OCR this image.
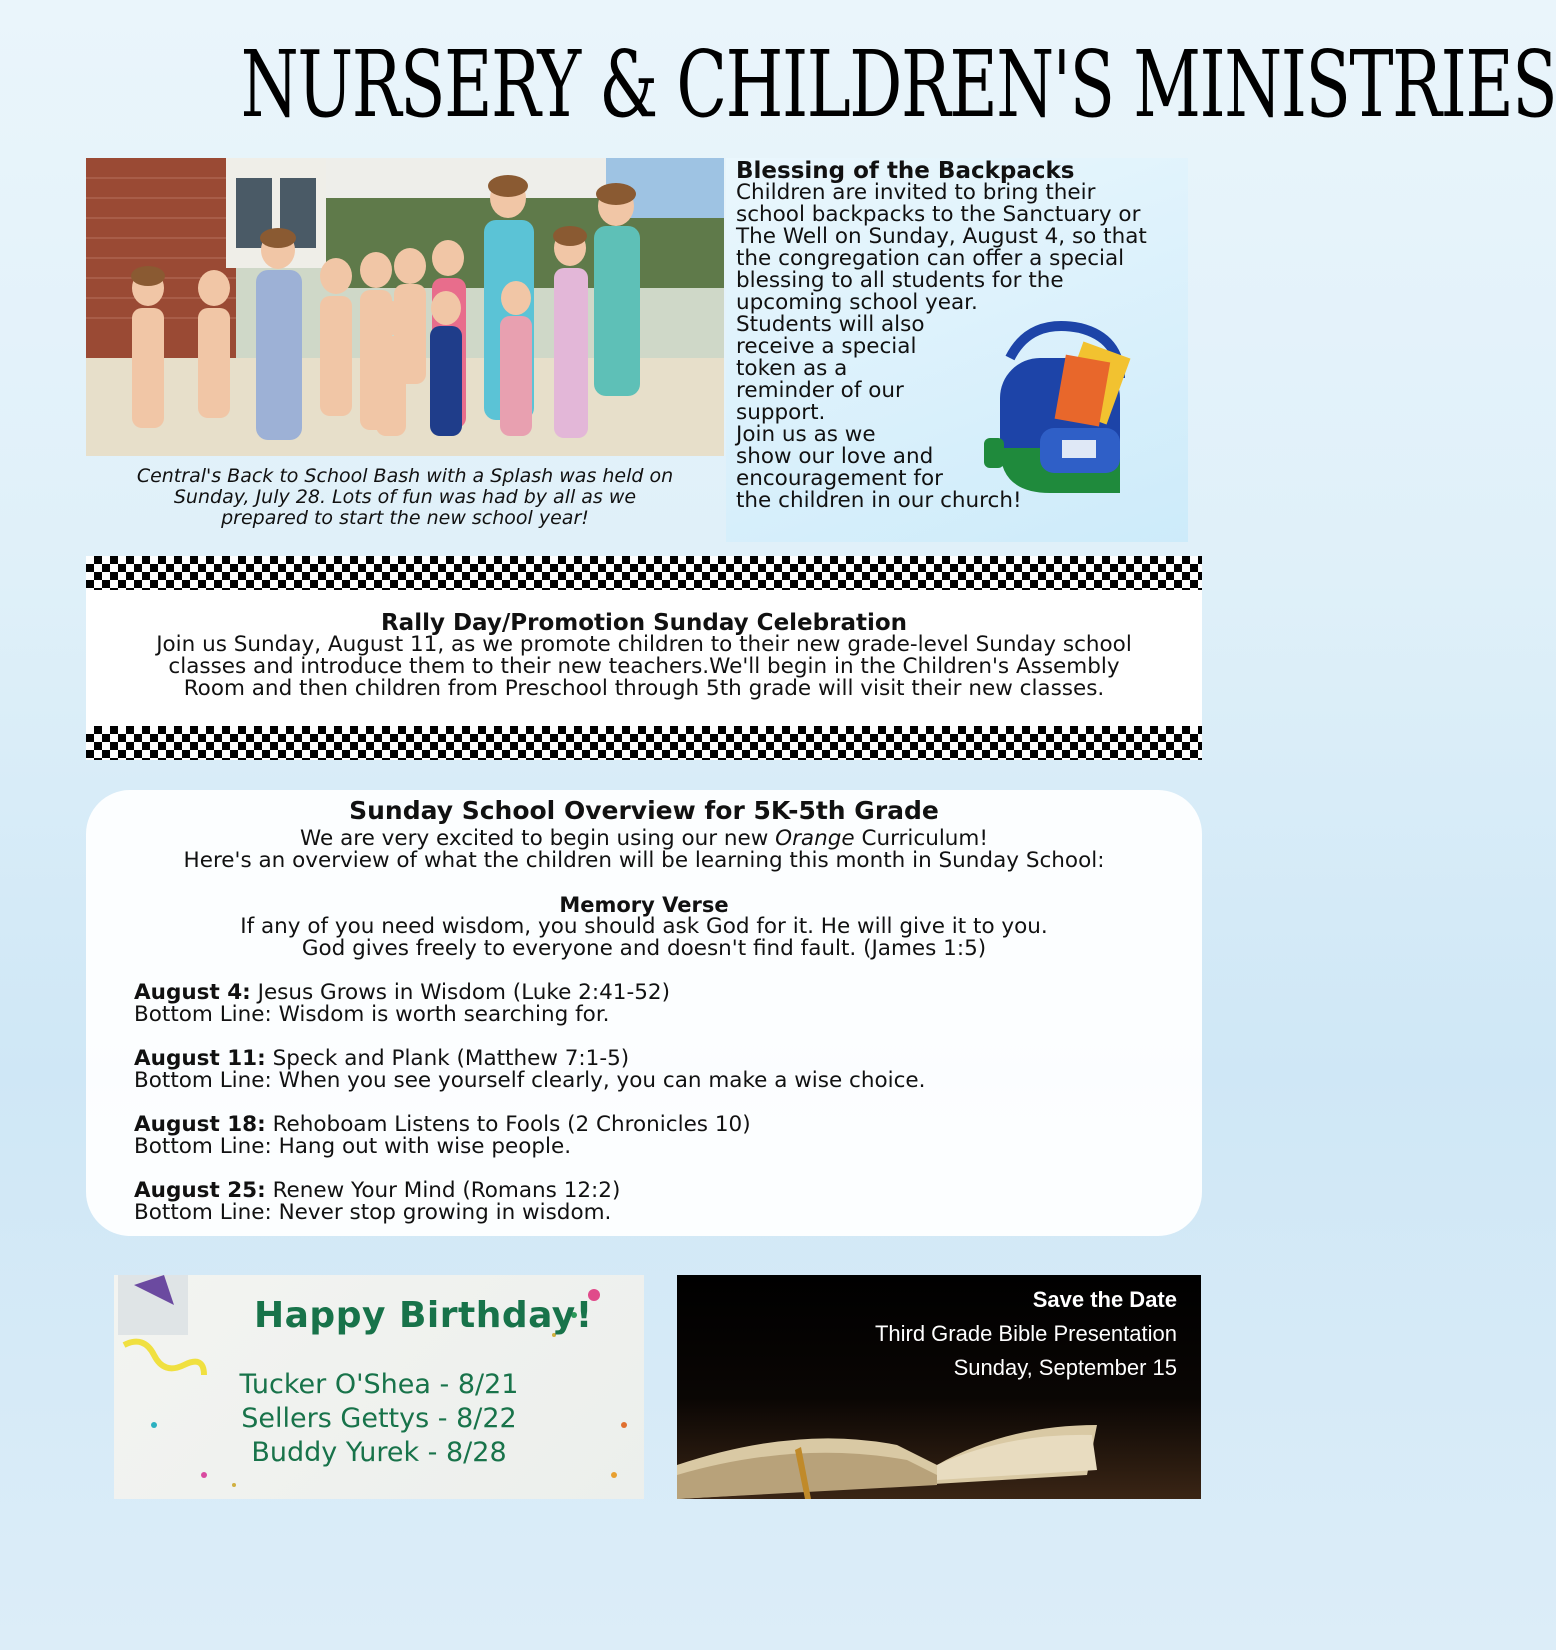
NURSERY & CHILDREN'S MINISTRIES
Central's Back to School Bash with a Splash was held on
Sunday, July 28. Lots of fun was had by all as we
prepared to start the new school year!
Blessing of the Backpacks
Children are invited to bring their
school backpacks to the Sanctuary or
The Well on Sunday, August 4, so that
the congregation can offer a special
blessing to all students for the
upcoming school year.
Students will also
receive a special
token as a
reminder of our
support.
Join us as we
show our love and
encouragement for
the children in our church!
Rally Day/Promotion Sunday Celebration
Join us Sunday, August 11, as we promote children to their new grade-level Sunday school
classes and introduce them to their new teachers.We'll begin in the Children's Assembly
Room and then children from Preschool through 5th grade will visit their new classes.
Sunday School Overview for 5K-5th Grade
We are very excited to begin using our new Orange Curriculum!
Here's an overview of what the children will be learning this month in Sunday School:
Memory Verse
If any of you need wisdom, you should ask God for it. He will give it to you.
God gives freely to everyone and doesn't find fault. (James 1:5)
August 4: Jesus Grows in Wisdom (Luke 2:41-52)
Bottom Line: Wisdom is worth searching for.
August 11: Speck and Plank (Matthew 7:1-5)
Bottom Line: When you see yourself clearly, you can make a wise choice.
August 18: Rehoboam Listens to Fools (2 Chronicles 10)
Bottom Line: Hang out with wise people.
August 25: Renew Your Mind (Romans 12:2)
Bottom Line: Never stop growing in wisdom.
Happy Birthday!
Tucker O'Shea - 8/21
Sellers Gettys - 8/22
Buddy Yurek - 8/28
Save the Date
Third Grade Bible Presentation
Sunday, September 15
